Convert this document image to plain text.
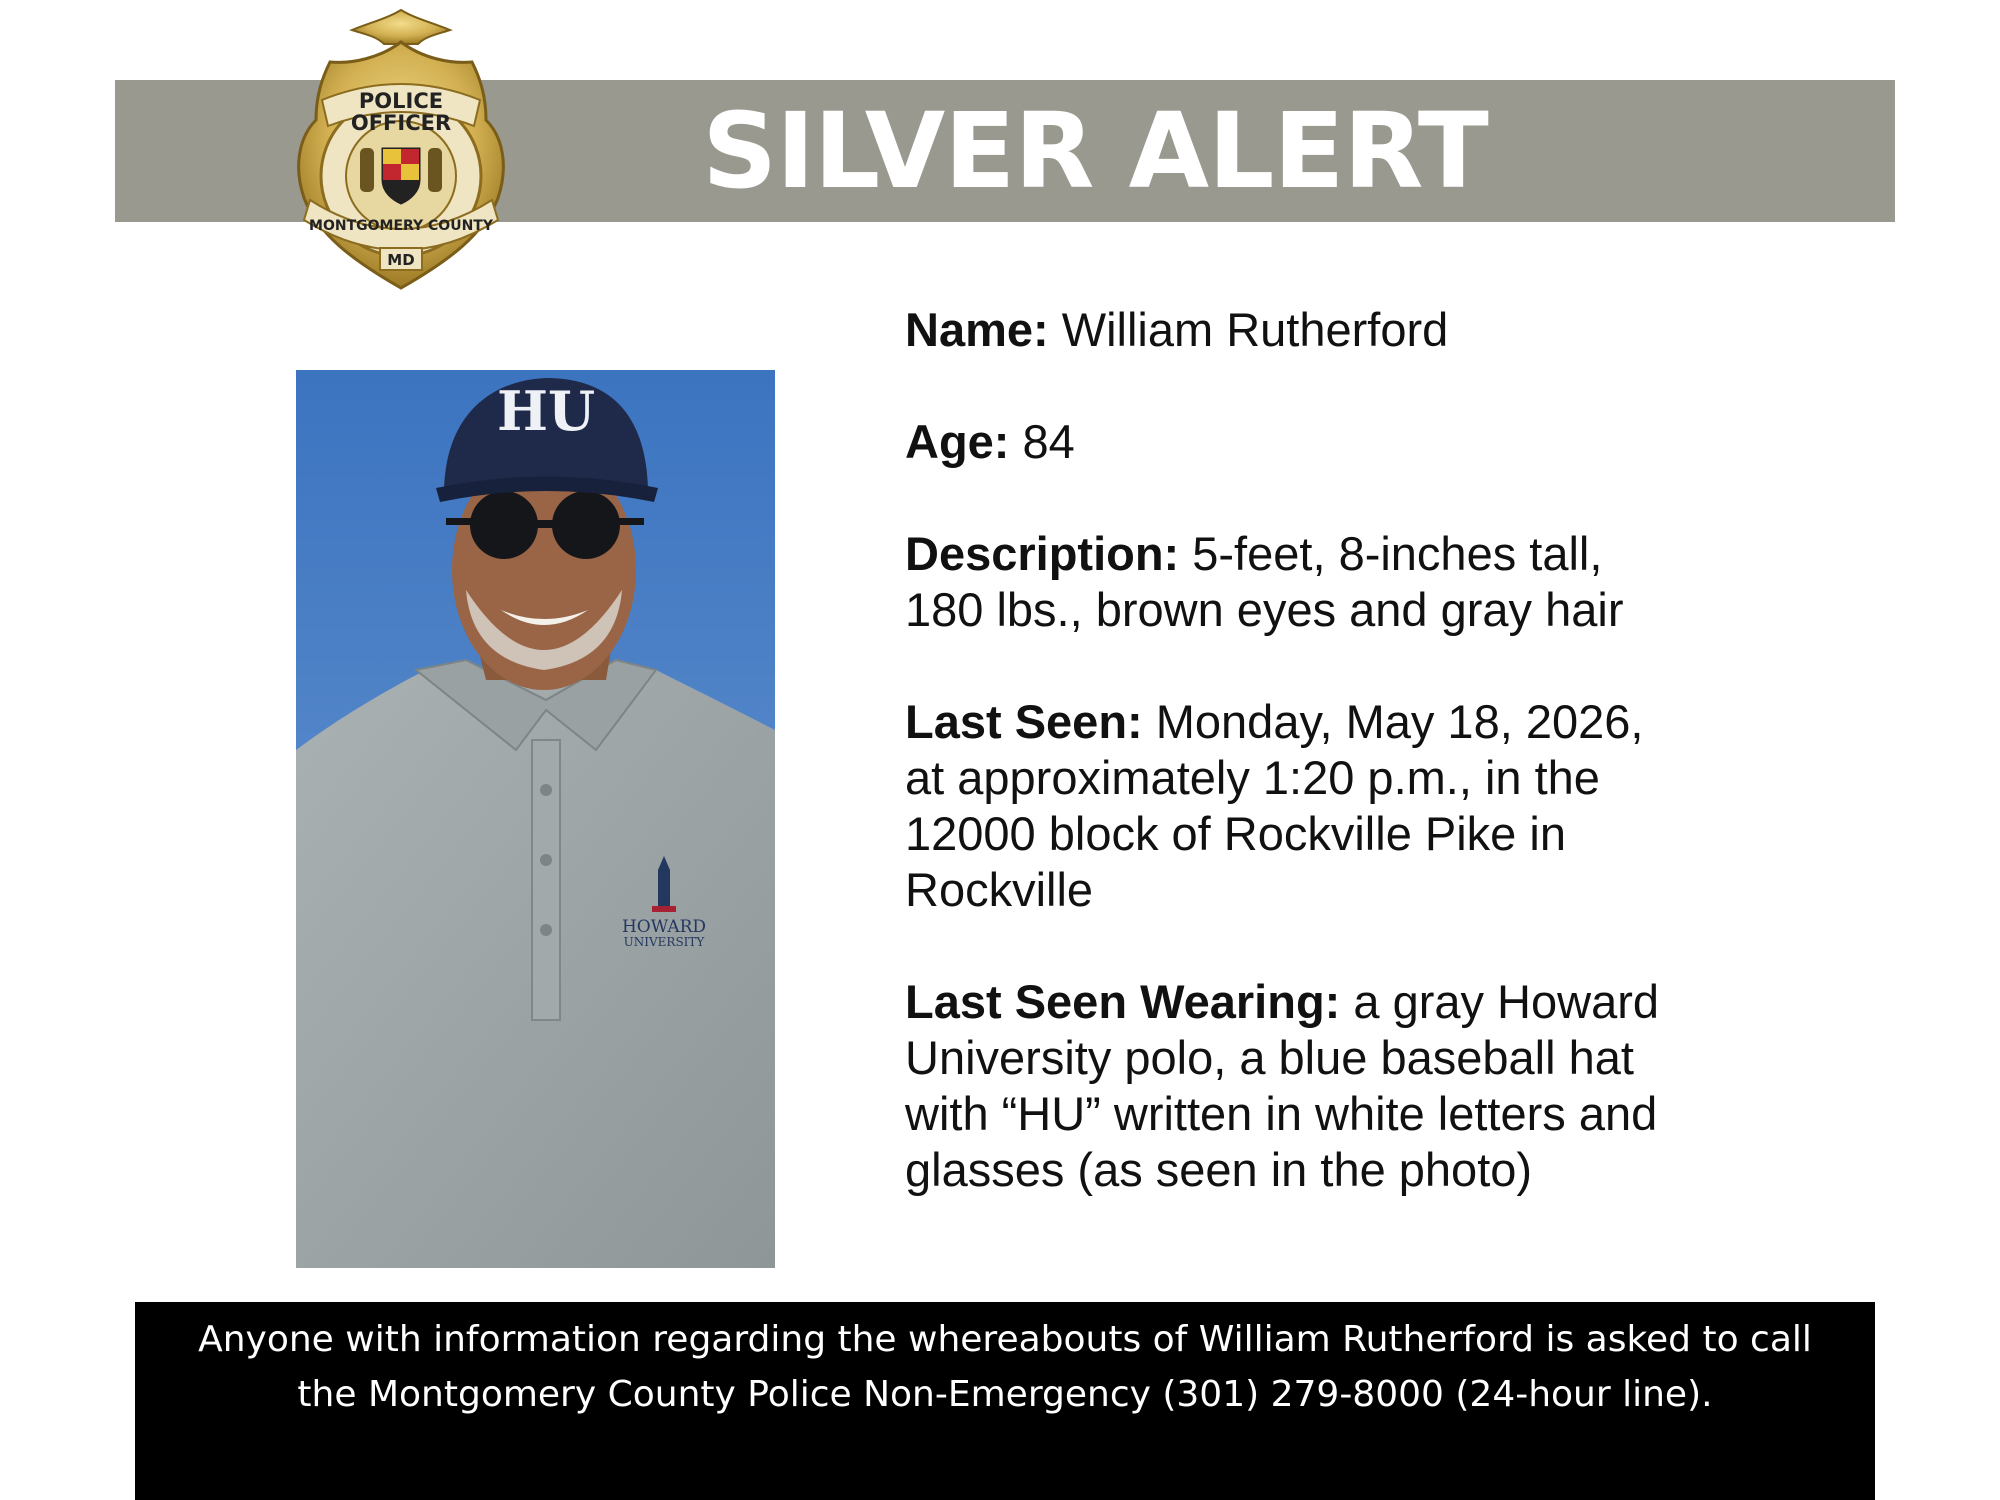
SILVER ALERT
POLICE
OFFICER
MONTGOMERY COUNTY
MD
HU
HOWARD
UNIVERSITY

Name: William Rutherford

Age: 84

Description: 5-feet, 8-inches tall, 180 lbs., brown eyes and gray hair

Last Seen: Monday, May 18, 2026, at approximately 1:20 p.m., in the 12000 block of Rockville Pike in Rockville

Last Seen Wearing: a gray Howard University polo, a blue baseball hat with “HU” written in white letters and glasses (as seen in the photo)

Anyone with information regarding the whereabouts of William Rutherford is asked to call the Montgomery County Police Non-Emergency (301) 279-8000 (24-hour line).
